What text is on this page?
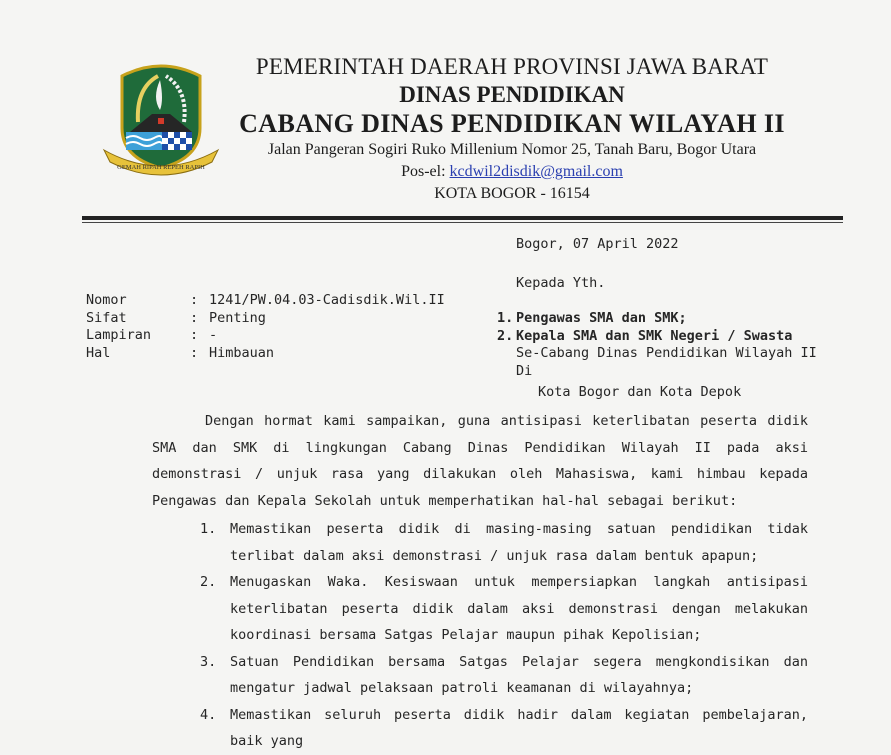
GEMAH RIPAH REPEH RAPIH
PEMERINTAH DAERAH PROVINSI JAWA BARAT
DINAS PENDIDIKAN
CABANG DINAS PENDIDIKAN WILAYAH II
Jalan Pangeran Sogiri Ruko Millenium Nomor 25, Tanah Baru, Bogor Utara
Pos-el: kcdwil2disdik@gmail.com
KOTA BOGOR - 16154
Bogor, 07 April 2022
Kepada Yth.
1. Pengawas SMA dan SMK;
2. Kepala SMA dan SMK Negeri / Swasta
Se-Cabang Dinas Pendidikan Wilayah II
Di
Kota Bogor dan Kota Depok
Nomor	: 1241/PW.04.03-Cadisdik.Wil.II
Sifat	: Penting
Lampiran	: -
Hal	: Himbauan
Dengan hormat kami sampaikan, guna antisipasi keterlibatan peserta didik SMA dan SMK di lingkungan Cabang Dinas Pendidikan Wilayah II pada aksi demonstrasi / unjuk rasa yang dilakukan oleh Mahasiswa, kami himbau kepada Pengawas dan Kepala Sekolah untuk memperhatikan hal-hal sebagai berikut:
1.	Memastikan peserta didik di masing-masing satuan pendidikan tidak terlibat dalam aksi demonstrasi / unjuk rasa dalam bentuk apapun;
2.	Menugaskan Waka. Kesiswaan untuk mempersiapkan langkah antisipasi keterlibatan peserta didik dalam aksi demonstrasi dengan melakukan koordinasi bersama Satgas Pelajar maupun pihak Kepolisian;
3.	Satuan Pendidikan bersama Satgas Pelajar segera mengkondisikan dan mengatur jadwal pelaksaan patroli keamanan di wilayahnya;
4.	Memastikan seluruh peserta didik hadir dalam kegiatan pembelajaran, baik yang
